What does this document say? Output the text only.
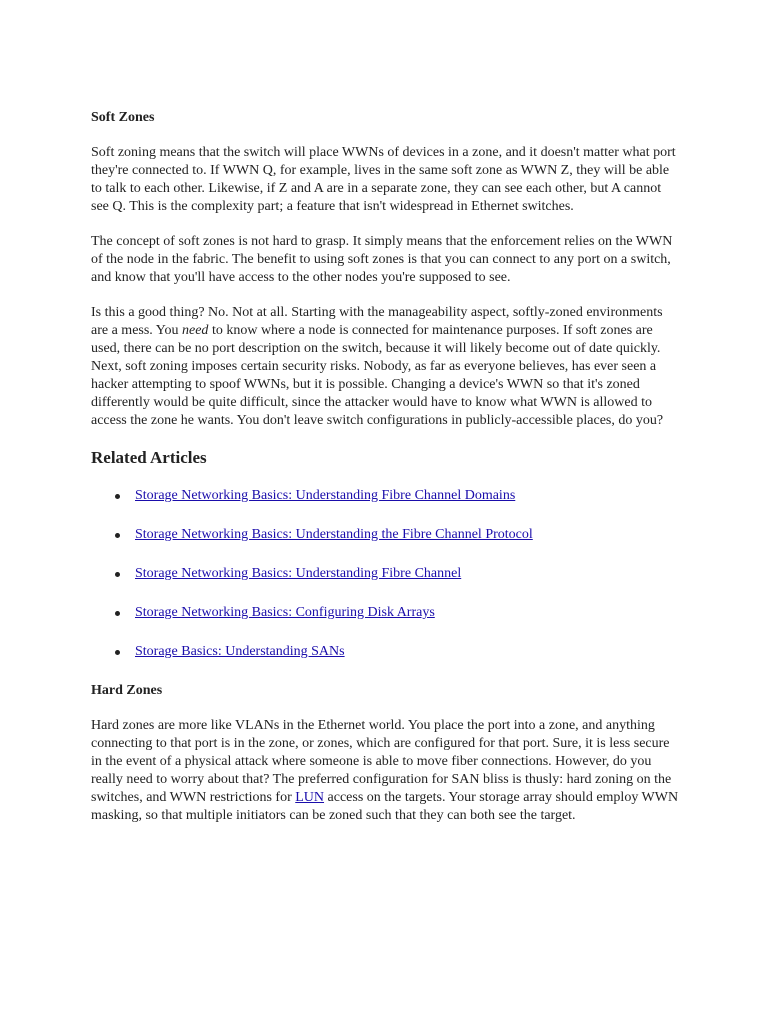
Soft Zones

Soft zoning means that the switch will place WWNs of devices in a zone, and it doesn't matter what port they're connected to. If WWN Q, for example, lives in the same soft zone as WWN Z, they will be able to talk to each other. Likewise, if Z and A are in a separate zone, they can see each other, but A cannot see Q. This is the complexity part; a feature that isn't widespread in Ethernet switches.

The concept of soft zones is not hard to grasp. It simply means that the enforcement relies on the WWN of the node in the fabric. The benefit to using soft zones is that you can connect to any port on a switch, and know that you'll have access to the other nodes you're supposed to see.

Is this a good thing? No. Not at all. Starting with the manageability aspect, softly-zoned environments are a mess. You need to know where a node is connected for maintenance purposes. If soft zones are used, there can be no port description on the switch, because it will likely become out of date quickly. Next, soft zoning imposes certain security risks. Nobody, as far as everyone believes, has ever seen a hacker attempting to spoof WWNs, but it is possible. Changing a device's WWN so that it's zoned differently would be quite difficult, since the attacker would have to know what WWN is allowed to access the zone he wants. You don't leave switch configurations in publicly-accessible places, do you?

Related Articles
Storage Networking Basics: Understanding Fibre Channel Domains
Storage Networking Basics: Understanding the Fibre Channel Protocol
Storage Networking Basics: Understanding Fibre Channel
Storage Networking Basics: Configuring Disk Arrays
Storage Basics: Understanding SANs
Hard Zones

Hard zones are more like VLANs in the Ethernet world. You place the port into a zone, and anything connecting to that port is in the zone, or zones, which are configured for that port. Sure, it is less secure in the event of a physical attack where someone is able to move fiber connections. However, do you really need to worry about that? The preferred configuration for SAN bliss is thusly: hard zoning on the switches, and WWN restrictions for LUN access on the targets. Your storage array should employ WWN masking, so that multiple initiators can be zoned such that they can both see the target.
